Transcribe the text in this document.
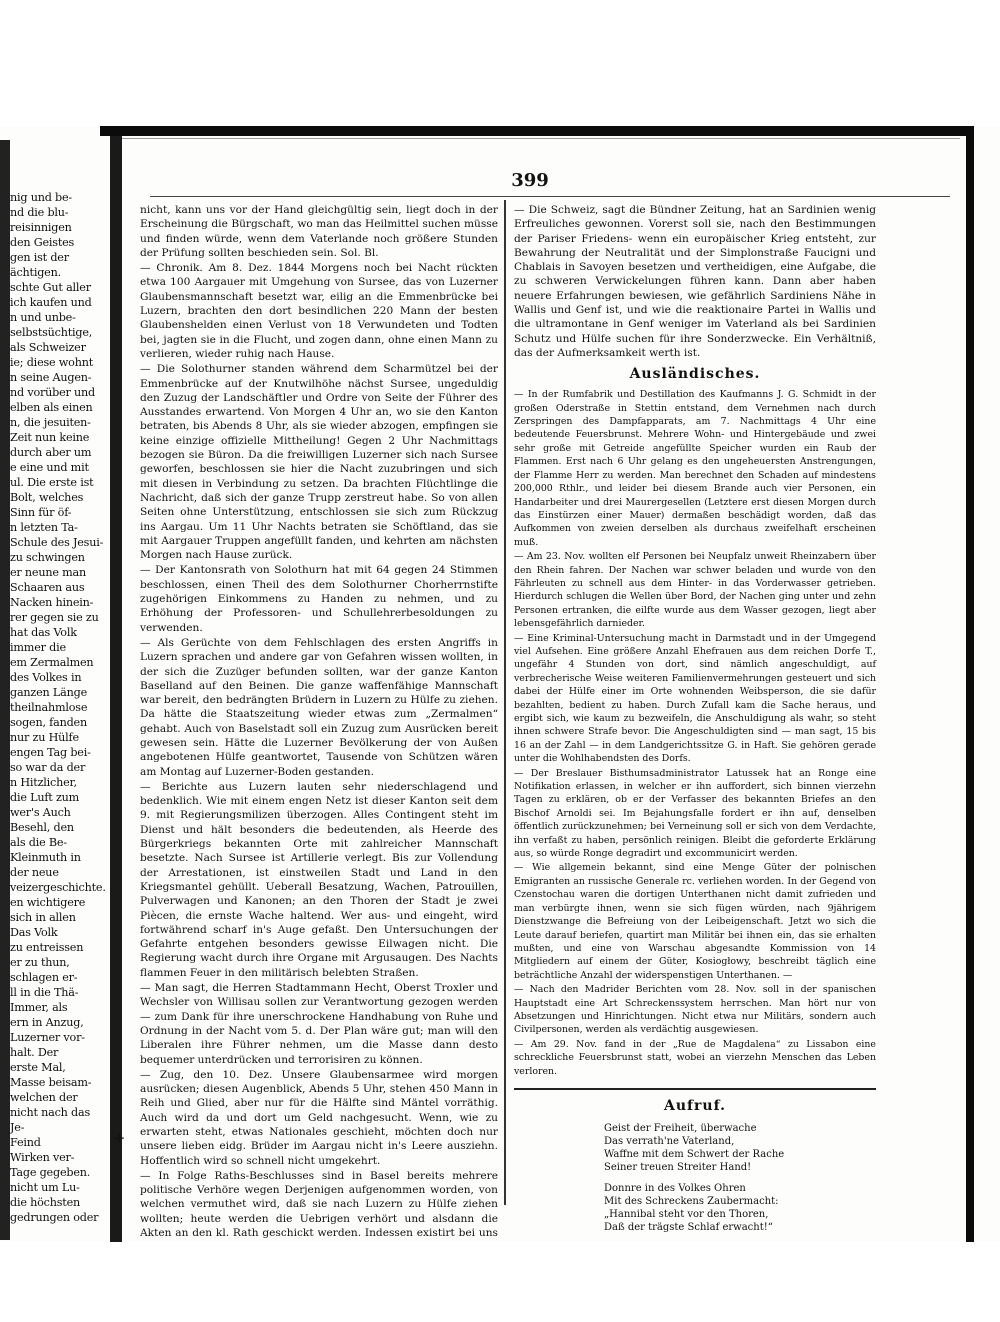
nig und be-

nd die blu-

reisinnigen

den Geistes

gen ist der

ächtigen.

schte Gut aller

ich kaufen und

n und unbe-

selbstsüchtige,

als Schweizer

ie; diese wohnt

n seine Augen-

nd vorüber und

elben als einen

n, die jesuiten-

Zeit nun keine

durch aber um

e eine und mit

ul. Die erste ist

Bolt, welches

Sinn für öf-

n letzten Ta-

Schule des Jesui-

zu schwingen

er neune man

Schaaren aus

Nacken hinein-

rer gegen sie zu

hat das Volk

immer die

em Zermalmen

des Volkes in

ganzen Länge

theilnahmlose

sogen, fanden

nur zu Hülfe

engen Tag bei-

so war da der

n Hitzlicher,

die Luft zum

wer's Auch

Besehl, den

als die Be-

Kleinmuth in

der neue

veizergeschichte.

en wichtigere

sich in allen

Das Volk

zu entreissen

er zu thun,

schlagen er-

ll in die Thä-

Immer, als

ern in Anzug,

Luzerner vor-

halt. Der

erste Mal,

Masse beisam-

welchen der

nicht nach das

Je-

Feind

Wirken ver-

Tage gegeben.

nicht um Lu-

die höchsten

gedrungen oder

399

nicht, kann uns vor der Hand gleichgültig sein, liegt doch in der Erscheinung die Bürgschaft, wo man das Heilmittel suchen müsse und finden würde, wenn dem Vaterlande noch größere Stunden der Prüfung sollten beschieden sein. Sol. Bl.

— Chronik. Am 8. Dez. 1844 Morgens noch bei Nacht rückten etwa 100 Aargauer mit Umgehung von Sursee, das von Luzerner Glaubensmannschaft besetzt war, eilig an die Emmenbrücke bei Luzern, brachten den dort besindlichen 220 Mann der besten Glaubenshelden einen Verlust von 18 Verwundeten und Todten bei, jagten sie in die Flucht, und zogen dann, ohne einen Mann zu verlieren, wieder ruhig nach Hause.

— Die Solothurner standen während dem Scharmützel bei der Emmenbrücke auf der Knutwilhöhe nächst Sursee, ungeduldig den Zuzug der Landschäftler und Ordre von Seite der Führer des Ausstandes erwartend. Von Morgen 4 Uhr an, wo sie den Kanton betraten, bis Abends 8 Uhr, als sie wieder abzogen, empfingen sie keine einzige offizielle Mittheilung! Gegen 2 Uhr Nachmittags bezogen sie Büron. Da die freiwilligen Luzerner sich nach Sursee geworfen, beschlossen sie hier die Nacht zuzubringen und sich mit diesen in Verbindung zu setzen. Da brachten Flüchtlinge die Nachricht, daß sich der ganze Trupp zerstreut habe. So von allen Seiten ohne Unterstützung, entschlossen sie sich zum Rückzug ins Aargau. Um 11 Uhr Nachts betraten sie Schöftland, das sie mit Aargauer Truppen angefüllt fanden, und kehrten am nächsten Morgen nach Hause zurück.

— Der Kantonsrath von Solothurn hat mit 64 gegen 24 Stimmen beschlossen, einen Theil des dem Solothurner Chorherrnstifte zugehörigen Einkommens zu Handen zu nehmen, und zu Erhöhung der Professoren- und Schullehrerbesoldungen zu verwenden.

— Als Gerüchte von dem Fehlschlagen des ersten Angriffs in Luzern sprachen und andere gar von Gefahren wissen wollten, in der sich die Zuzüger befunden sollten, war der ganze Kanton Baselland auf den Beinen. Die ganze waffenfähige Mannschaft war bereit, den bedrängten Brüdern in Luzern zu Hülfe zu ziehen. Da hätte die Staatszeitung wieder etwas zum „Zermalmen“ gehabt. Auch von Baselstadt soll ein Zuzug zum Ausrücken bereit gewesen sein. Hätte die Luzerner Bevölkerung der von Außen angebotenen Hülfe geantwortet, Tausende von Schützen wären am Montag auf Luzerner-Boden gestanden.

— Berichte aus Luzern lauten sehr niederschlagend und bedenklich. Wie mit einem engen Netz ist dieser Kanton seit dem 9. mit Regierungsmilizen überzogen. Alles Contingent steht im Dienst und hält besonders die bedeutenden, als Heerde des Bürgerkriegs bekannten Orte mit zahlreicher Mannschaft besetzte. Nach Sursee ist Artillerie verlegt. Bis zur Vollendung der Arrestationen, ist einstweilen Stadt und Land in den Kriegsmantel gehüllt. Ueberall Besatzung, Wachen, Patrouillen, Pulverwagen und Kanonen; an den Thoren der Stadt je zwei Piècen, die ernste Wache haltend. Wer aus- und eingeht, wird fortwährend scharf in's Auge gefaßt. Den Untersuchungen der Gefahrte entgehen besonders gewisse Eilwagen nicht. Die Regierung wacht durch ihre Organe mit Argusaugen. Des Nachts flammen Feuer in den militärisch belebten Straßen.

— Man sagt, die Herren Stadtammann Hecht, Oberst Troxler und Wechsler von Willisau sollen zur Verantwortung gezogen werden — zum Dank für ihre unerschrockene Handhabung von Ruhe und Ordnung in der Nacht vom 5. d. Der Plan wäre gut; man will den Liberalen ihre Führer nehmen, um die Masse dann desto bequemer unterdrücken und terrorisiren zu können.

— Zug, den 10. Dez. Unsere Glaubensarmee wird morgen ausrücken; diesen Augenblick, Abends 5 Uhr, stehen 450 Mann in Reih und Glied, aber nur für die Hälfte sind Mäntel vorräthig. Auch wird da und dort um Geld nachgesucht. Wenn, wie zu erwarten steht, etwas Nationales geschieht, möchten doch nur unsere lieben eidg. Brüder im Aargau nicht in's Leere ausziehn. Hoffentlich wird so schnell nicht umgekehrt.

— In Folge Raths-Beschlusses sind in Basel bereits mehrere politische Verhöre wegen Derjenigen aufgenommen worden, von welchen vermuthet wird, daß sie nach Luzern zu Hülfe ziehen wollten; heute werden die Uebrigen verhört und alsdann die Akten an den kl. Rath geschickt werden. Indessen existirt bei uns

— Die Schweiz, sagt die Bündner Zeitung, hat an Sardinien wenig Erfreuliches gewonnen. Vorerst soll sie, nach den Bestimmungen der Pariser Friedens- wenn ein europäischer Krieg entsteht, zur Bewahrung der Neutralität und der Simplonstraße Faucigni und Chablais in Savoyen besetzen und vertheidigen, eine Aufgabe, die zu schweren Verwickelungen führen kann. Dann aber haben neuere Erfahrungen bewiesen, wie gefährlich Sardiniens Nähe in Wallis und Genf ist, und wie die reaktionaire Partei in Wallis und die ultramontane in Genf weniger im Vaterland als bei Sardinien Schutz und Hülfe suchen für ihre Sonderzwecke. Ein Verhältniß, das der Aufmerksamkeit werth ist.

Ausländisches.

— In der Rumfabrik und Destillation des Kaufmanns J. G. Schmidt in der großen Oderstraße in Stettin entstand, dem Vernehmen nach durch Zerspringen des Dampfapparats, am 7. Nachmittags 4 Uhr eine bedeutende Feuersbrunst. Mehrere Wohn- und Hintergebäude und zwei sehr große mit Getreide angefüllte Speicher wurden ein Raub der Flammen. Erst nach 6 Uhr gelang es den ungeheuersten Anstrengungen, der Flamme Herr zu werden. Man berechnet den Schaden auf mindestens 200,000 Rthlr., und leider bei diesem Brande auch vier Personen, ein Handarbeiter und drei Maurergesellen (Letztere erst diesen Morgen durch das Einstürzen einer Mauer) dermaßen beschädigt worden, daß das Aufkommen von zweien derselben als durchaus zweifelhaft erscheinen muß.

— Am 23. Nov. wollten elf Personen bei Neupfalz unweit Rheinzabern über den Rhein fahren. Der Nachen war schwer beladen und wurde von den Fährleuten zu schnell aus dem Hinter- in das Vorderwasser getrieben. Hierdurch schlugen die Wellen über Bord, der Nachen ging unter und zehn Personen ertranken, die eilfte wurde aus dem Wasser gezogen, liegt aber lebensgefährlich darnieder.

— Eine Kriminal-Untersuchung macht in Darmstadt und in der Umgegend viel Aufsehen. Eine größere Anzahl Ehefrauen aus dem reichen Dorfe T., ungefähr 4 Stunden von dort, sind nämlich angeschuldigt, auf verbrecherische Weise weiteren Familienvermehrungen gesteuert und sich dabei der Hülfe einer im Orte wohnenden Weibsperson, die sie dafür bezahlten, bedient zu haben. Durch Zufall kam die Sache heraus, und ergibt sich, wie kaum zu bezweifeln, die Anschuldigung als wahr, so steht ihnen schwere Strafe bevor. Die Angeschuldigten sind — man sagt, 15 bis 16 an der Zahl — in dem Landgerichtssitze G. in Haft. Sie gehören gerade unter die Wohlhabendsten des Dorfs.

— Der Breslauer Bisthumsadministrator Latussek hat an Ronge eine Notifikation erlassen, in welcher er ihn auffordert, sich binnen vierzehn Tagen zu erklären, ob er der Verfasser des bekannten Briefes an den Bischof Arnoldi sei. Im Bejahungsfalle fordert er ihn auf, denselben öffentlich zurückzunehmen; bei Verneinung soll er sich von dem Verdachte, ihn verfaßt zu haben, persönlich reinigen. Bleibt die geforderte Erklärung aus, so würde Ronge degradirt und excommunicirt werden.

— Wie allgemein bekannt, sind eine Menge Güter der polnischen Emigranten an russische Generale rc. verliehen worden. In der Gegend von Czenstochau waren die dortigen Unterthanen nicht damit zufrieden und man verbürgte ihnen, wenn sie sich fügen würden, nach 9jährigem Dienstzwange die Befreiung von der Leibeigenschaft. Jetzt wo sich die Leute darauf beriefen, quartirt man Militär bei ihnen ein, das sie erhalten mußten, und eine von Warschau abgesandte Kommission von 14 Mitgliedern auf einem der Güter, Kosiogłowy, beschreibt täglich eine beträchtliche Anzahl der widerspenstigen Unterthanen. —

— Nach den Madrider Berichten vom 28. Nov. soll in der spanischen Hauptstadt eine Art Schreckenssystem herrschen. Man hört nur von Absetzungen und Hinrichtungen. Nicht etwa nur Militärs, sondern auch Civilpersonen, werden als verdächtig ausgewiesen.

— Am 29. Nov. fand in der „Rue de Magdalena“ zu Lissabon eine schreckliche Feuersbrunst statt, wobei an vierzehn Menschen das Leben verloren.

Aufruf.
Geist der Freiheit, überwache
Das verrath'ne Vaterland,
Waffne mit dem Schwert der Rache
Seiner treuen Streiter Hand!
Donnre in des Volkes Ohren
Mit des Schreckens Zaubermacht:
„Hannibal steht vor den Thoren,
Daß der trägste Schlaf erwacht!“
+
